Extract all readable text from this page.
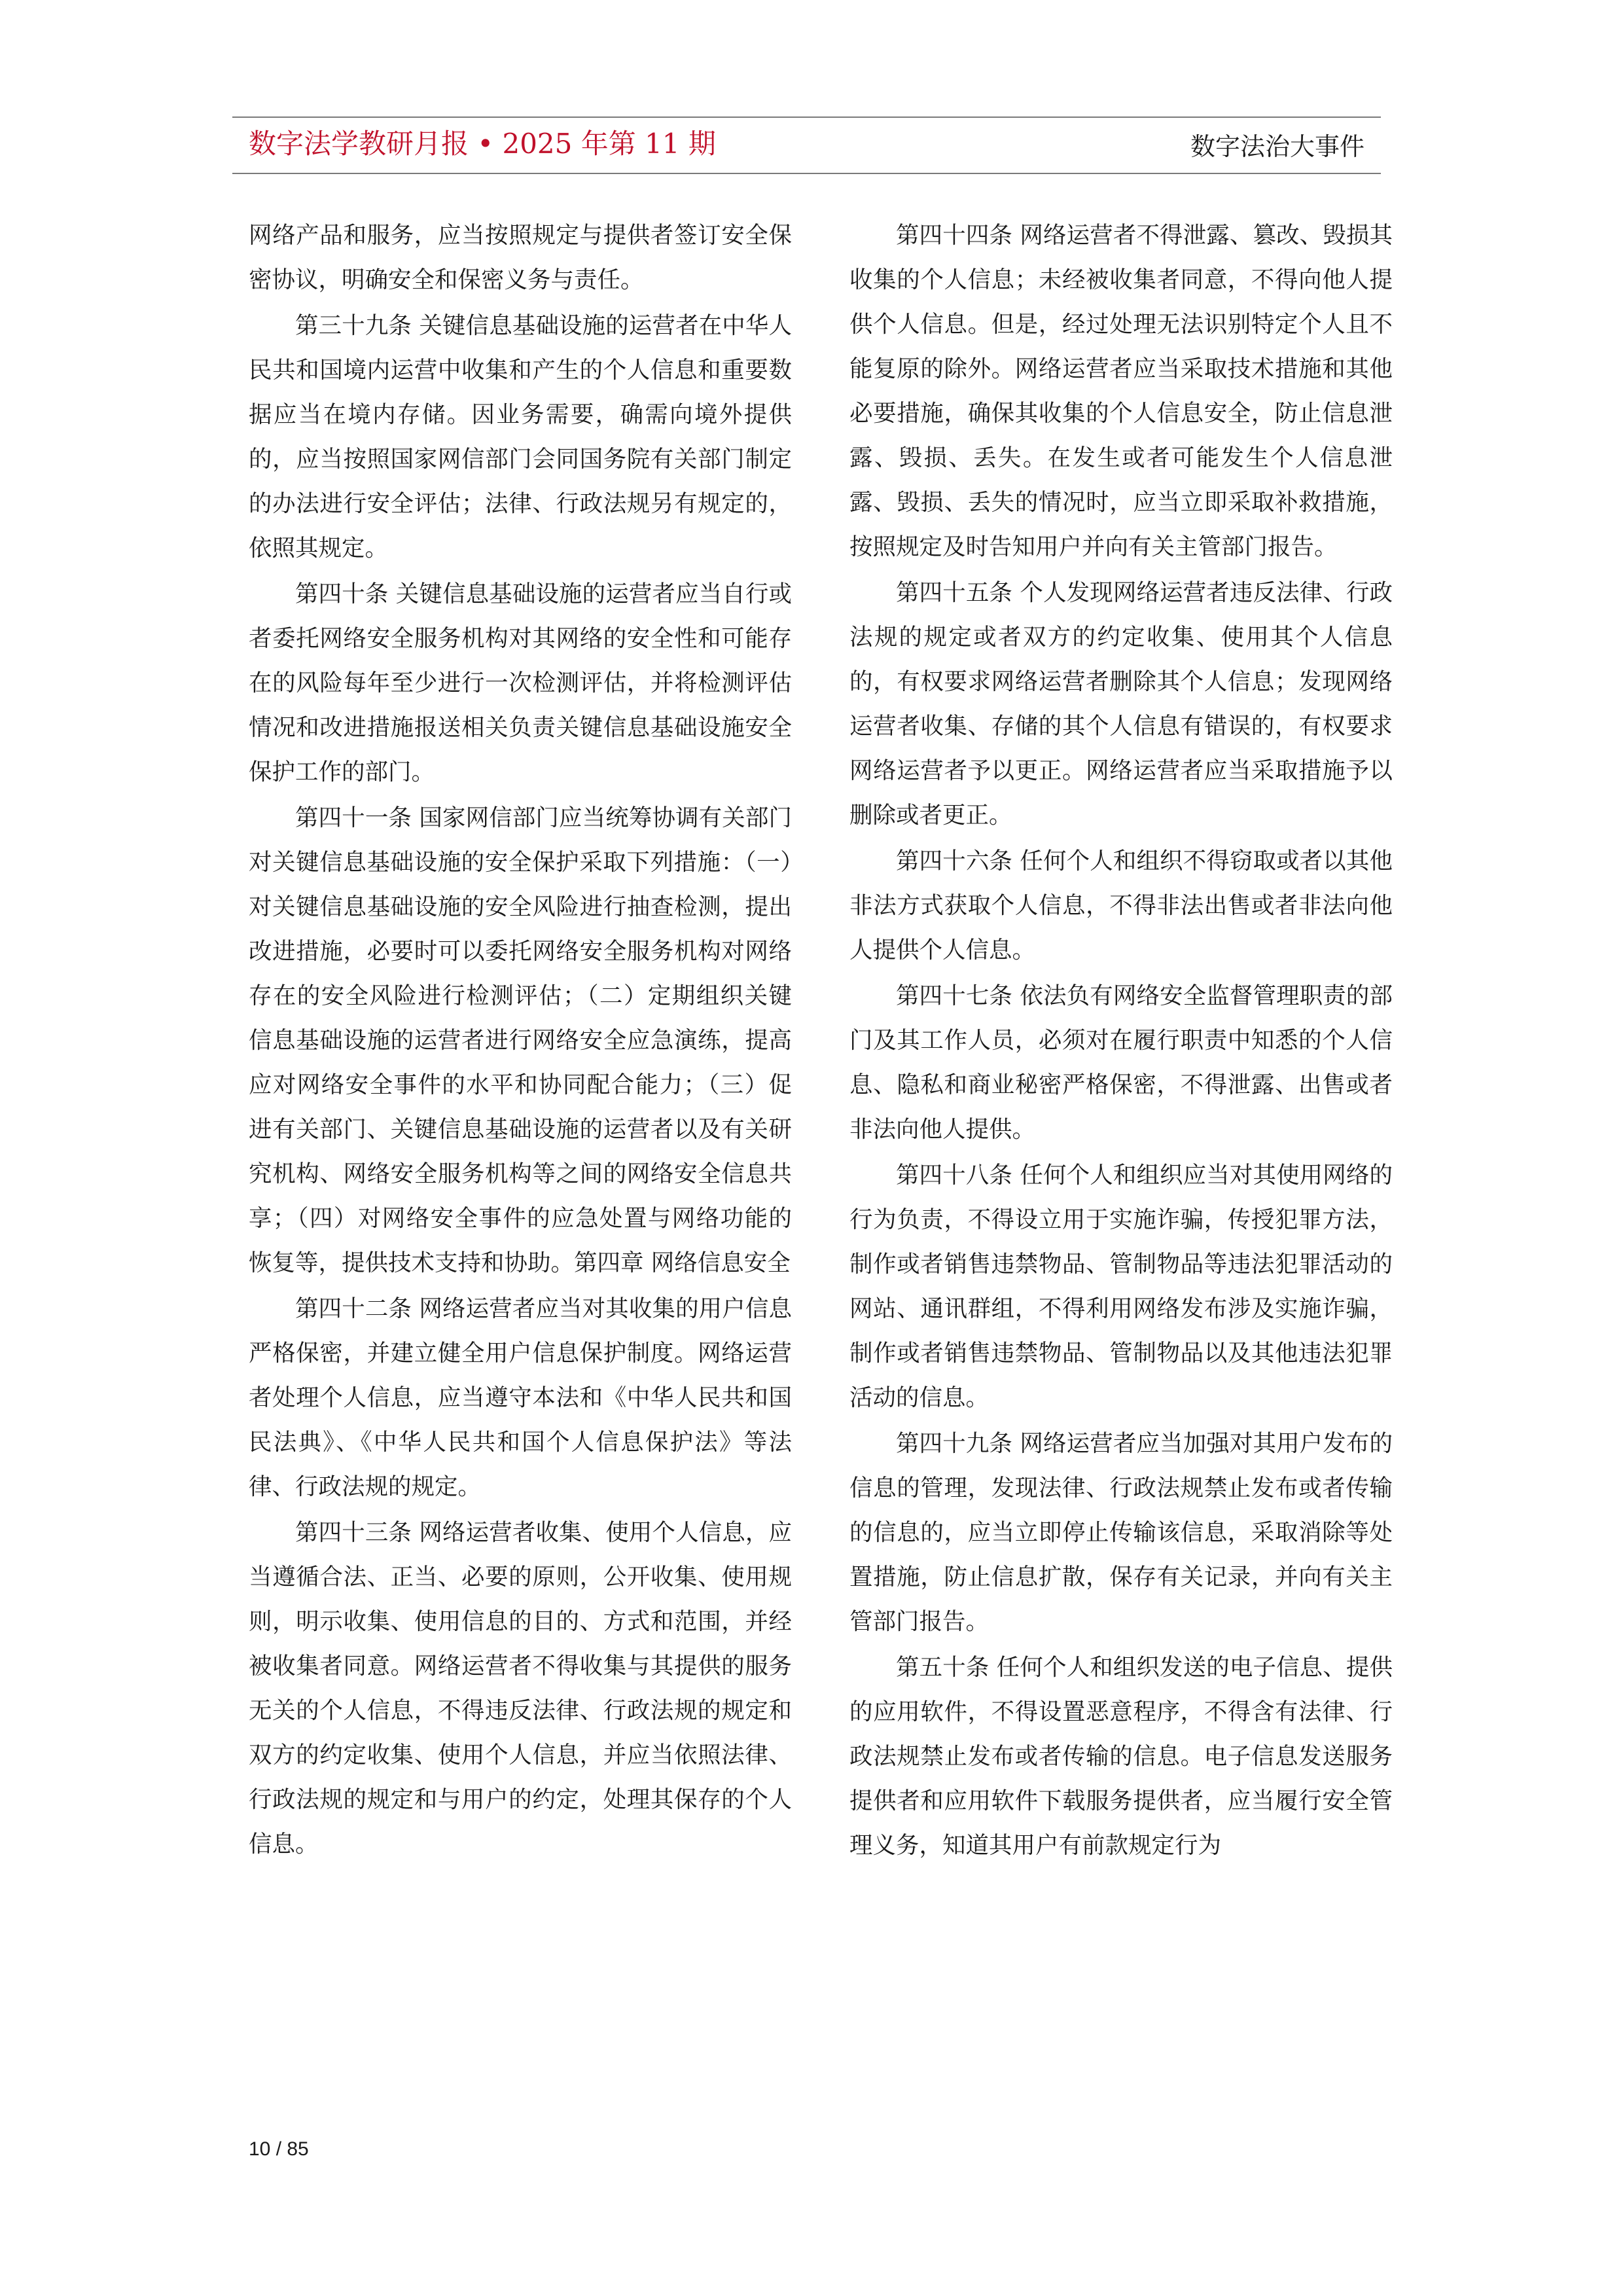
数字法学教研月报 • 2025 年第 11 期	数字法治大事件

网络产品和服务，应当按照规定与提供者签订安全保密协议，明确安全和保密义务与责任。

第三十九条 关键信息基础设施的运营者在中华人民共和国境内运营中收集和产生的个人信息和重要数据应当在境内存储。因业务需要，确需向境外提供的，应当按照国家网信部门会同国务院有关部门制定的办法进行安全评估；法律、行政法规另有规定的，依照其规定。

第四十条 关键信息基础设施的运营者应当自行或者委托网络安全服务机构对其网络的安全性和可能存在的风险每年至少进行一次检测评估，并将检测评估情况和改进措施报送相关负责关键信息基础设施安全保护工作的部门。

第四十一条 国家网信部门应当统筹协调有关部门对关键信息基础设施的安全保护采取下列措施：（一）对关键信息基础设施的安全风险进行抽查检测，提出改进措施，必要时可以委托网络安全服务机构对网络存在的安全风险进行检测评估；（二）定期组织关键信息基础设施的运营者进行网络安全应急演练，提高应对网络安全事件的水平和协同配合能力；（三）促进有关部门、关键信息基础设施的运营者以及有关研究机构、网络安全服务机构等之间的网络安全信息共享；（四）对网络安全事件的应急处置与网络功能的恢复等，提供技术支持和协助。第四章 网络信息安全

第四十二条 网络运营者应当对其收集的用户信息严格保密，并建立健全用户信息保护制度。网络运营者处理个人信息，应当遵守本法和《中华人民共和国民法典》、《中华人民共和国个人信息保护法》等法律、行政法规的规定。

第四十三条 网络运营者收集、使用个人信息，应当遵循合法、正当、必要的原则，公开收集、使用规则，明示收集、使用信息的目的、方式和范围，并经被收集者同意。网络运营者不得收集与其提供的服务无关的个人信息，不得违反法律、行政法规的规定和双方的约定收集、使用个人信息，并应当依照法律、行政法规的规定和与用户的约定，处理其保存的个人信息。

第四十四条 网络运营者不得泄露、篡改、毁损其收集的个人信息；未经被收集者同意，不得向他人提供个人信息。但是，经过处理无法识别特定个人且不能复原的除外。网络运营者应当采取技术措施和其他必要措施，确保其收集的个人信息安全，防止信息泄露、毁损、丢失。在发生或者可能发生个人信息泄露、毁损、丢失的情况时，应当立即采取补救措施，按照规定及时告知用户并向有关主管部门报告。

第四十五条 个人发现网络运营者违反法律、行政法规的规定或者双方的约定收集、使用其个人信息的，有权要求网络运营者删除其个人信息；发现网络运营者收集、存储的其个人信息有错误的，有权要求网络运营者予以更正。网络运营者应当采取措施予以删除或者更正。

第四十六条 任何个人和组织不得窃取或者以其他非法方式获取个人信息，不得非法出售或者非法向他人提供个人信息。

第四十七条 依法负有网络安全监督管理职责的部门及其工作人员，必须对在履行职责中知悉的个人信息、隐私和商业秘密严格保密，不得泄露、出售或者非法向他人提供。

第四十八条 任何个人和组织应当对其使用网络的行为负责，不得设立用于实施诈骗，传授犯罪方法，制作或者销售违禁物品、管制物品等违法犯罪活动的网站、通讯群组，不得利用网络发布涉及实施诈骗，制作或者销售违禁物品、管制物品以及其他违法犯罪活动的信息。

第四十九条 网络运营者应当加强对其用户发布的信息的管理，发现法律、行政法规禁止发布或者传输的信息的，应当立即停止传输该信息，采取消除等处置措施，防止信息扩散，保存有关记录，并向有关主管部门报告。

第五十条 任何个人和组织发送的电子信息、提供的应用软件，不得设置恶意程序，不得含有法律、行政法规禁止发布或者传输的信息。电子信息发送服务提供者和应用软件下载服务提供者，应当履行安全管理义务，知道其用户有前款规定行为

10 / 85
